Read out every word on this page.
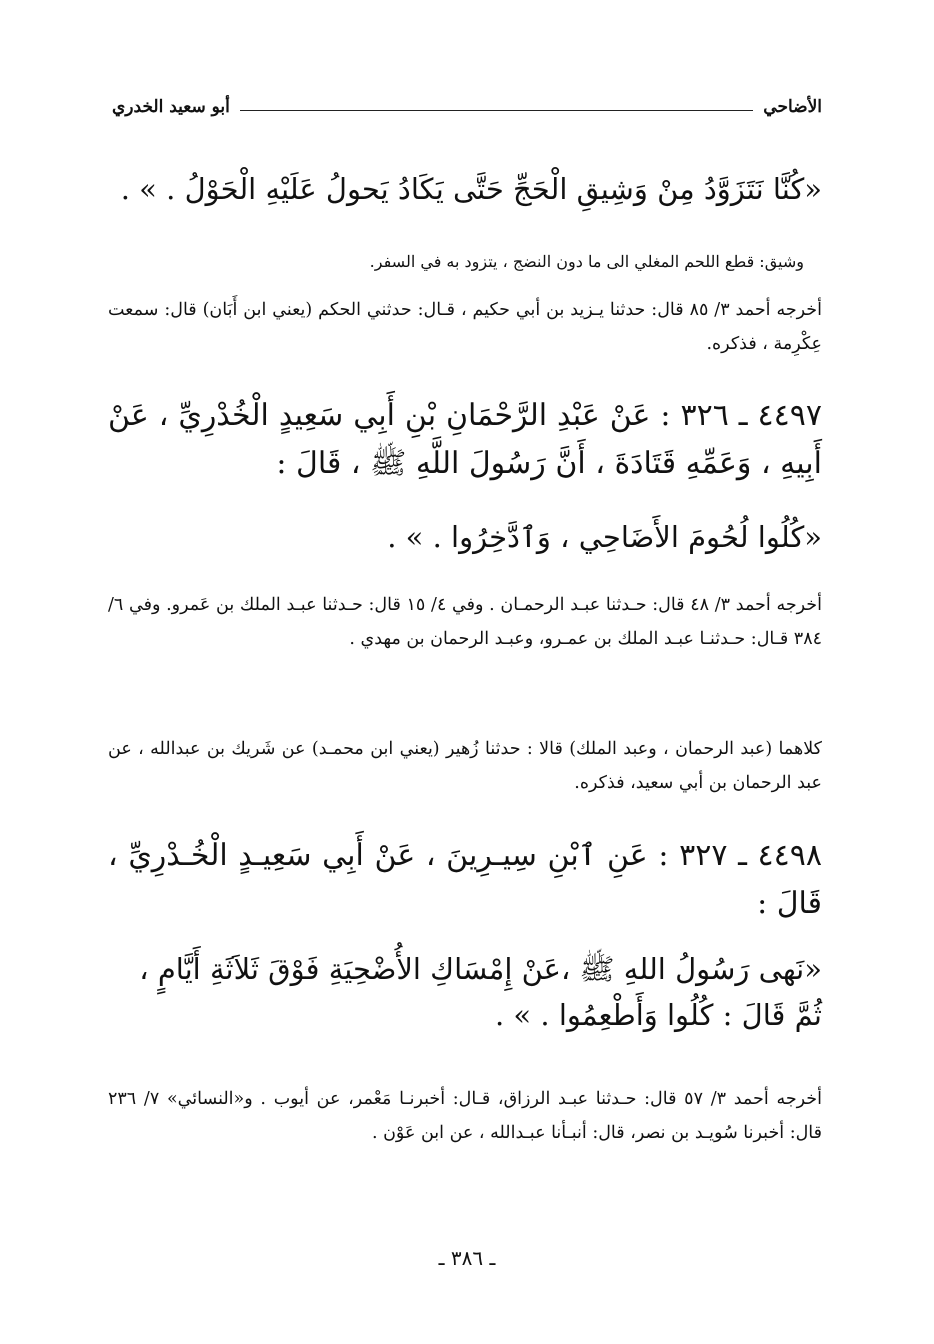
الأضاحي
أبو سعيد الخدري
«كُنَّا نَتَزَوَّدُ مِنْ وَشِيقِ الْحَجِّ حَتَّى يَكَادُ يَحولُ عَلَيْهِ الْحَوْلُ . » .
وشيق: قطع اللحم المغلي الى ما دون النضج ، يتزود به في السفر.
أخرجه أحمد ٣/ ٨٥ قال: حدثنا يـزيد بن أبي حكيم ، قـال: حدثني الحكم (يعني ابن أَبَان) قال: سمعت عِكْرِمة ، فذكره.
٤٤٩٧ ـ ٣٢٦ : عَنْ عَبْدِ الرَّحْمَانِ بْنِ أَبِي سَعِيدٍ الْخُدْرِيِّ ، عَنْ أَبِيهِ ، وَعَمِّهِ قَتَادَةَ ، أَنَّ رَسُولَ اللَّهِ ﷺ ، قَالَ :
«كُلُوا لُحُومَ الأَضَاحِي ، وَٱدَّخِرُوا . » .
أخرجه أحمد ٣/ ٤٨ قال: حـدثنا عبـد الرحمـان . وفي ٤/ ١٥ قال: حـدثنا عبـد الملك بن عَمرو. وفي ٦/ ٣٨٤ قـال: حـدثنـا عبـد الملك بن عمـرو، وعبـد الرحمان بن مهدي .
كلاهما (عبد الرحمان ، وعبد الملك) قالا : حدثنا زُهير (يعني ابن محمـد) عن شَريك بن عبدالله ، عن عبد الرحمان بن أبي سعيد، فذكره.
٤٤٩٨ ـ ٣٢٧ : عَنِ ٱبْنِ سِيـرِينَ ، عَنْ أَبِي سَعِيـدٍ الْخُـدْرِيِّ ، قَالَ :
«نَهى رَسُولُ اللهِ ﷺ ،عَنْ إِمْسَاكِ الأُضْحِيَةِ فَوْقَ ثَلاَثَةِ أَيَّامٍ ، ثُمَّ قَالَ : كُلُوا وَأَطْعِمُوا . » .
أخرجه أحمد ٣/ ٥٧ قال: حـدثنا عبـد الرزاق، قـال: أخبرنـا مَعْمر، عن أيوب . و«النسائي» ٧/ ٢٣٦ قال: أخبرنا سُويـد بن نصر، قال: أنبـأنا عبـدالله ، عن ابن عَوْن .
ـ ٣٨٦ ـ
